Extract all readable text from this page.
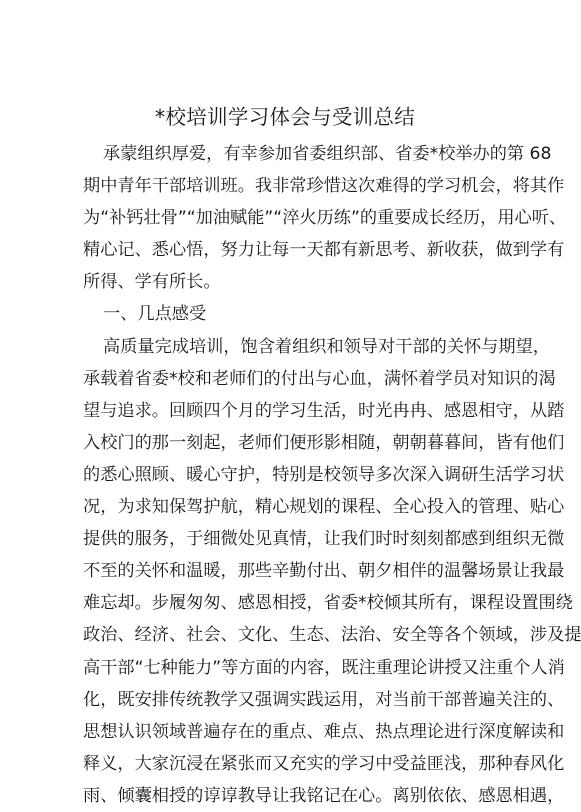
*校培训学习体会与受训总结
承蒙组织厚爱，有幸参加省委组织部、省委*校举办的第 68
期中青年干部培训班。我非常珍惜这次难得的学习机会，将其作
为“补钙壮骨”“加油赋能”“淬火历练”的重要成长经历，用心听、
精心记、悉心悟，努力让每一天都有新思考、新收获，做到学有
所得、学有所长。
一、几点感受
高质量完成培训，饱含着组织和领导对干部的关怀与期望，
承载着省委*校和老师们的付出与心血，满怀着学员对知识的渴
望与追求。回顾四个月的学习生活，时光冉冉、感恩相守，从踏
入校门的那一刻起，老师们便形影相随，朝朝暮暮间，皆有他们
的悉心照顾、暖心守护，特别是校领导多次深入调研生活学习状
况，为求知保驾护航，精心规划的课程、全心投入的管理、贴心
提供的服务，于细微处见真情，让我们时时刻刻都感到组织无微
不至的关怀和温暖，那些辛勤付出、朝夕相伴的温馨场景让我最
难忘却。步履匆匆、感恩相授，省委*校倾其所有，课程设置围绕
政治、经济、社会、文化、生态、法治、安全等各个领域，涉及提
高干部“七种能力”等方面的内容，既注重理论讲授又注重个人消
化，既安排传统教学又强调实践运用，对当前干部普遍关注的、
思想认识领域普遍存在的重点、难点、热点理论进行深度解读和
释义，大家沉浸在紧张而又充实的学习中受益匪浅，那种春风化
雨、倾囊相授的谆谆教导让我铭记在心。离别依依、感恩相遇，
